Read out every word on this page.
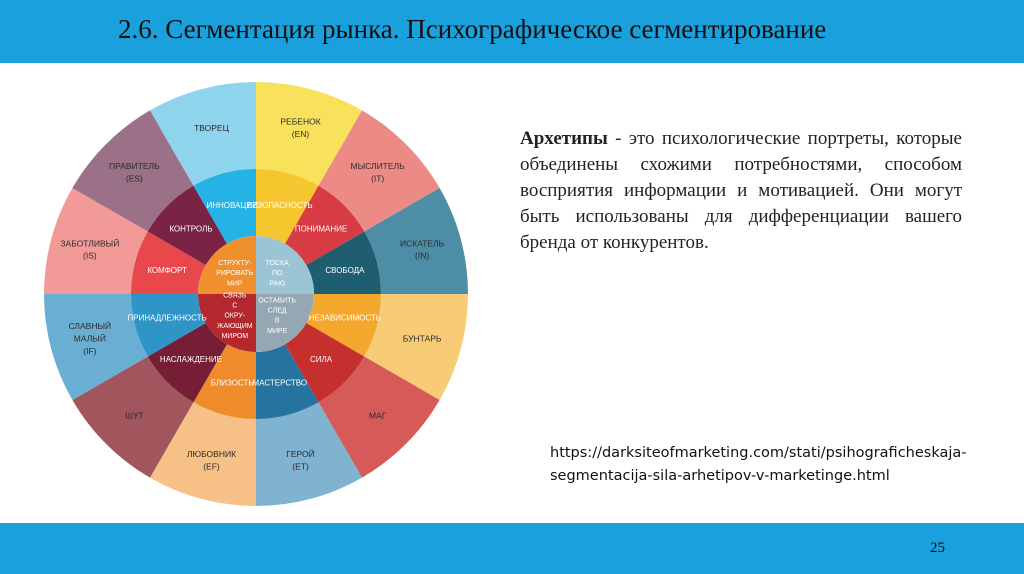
2.6. Сегментация рынка. Психографическое сегментирование
РЕБЕНОК (EN)
МЫСЛИТЕЛЬ (IT)
ИСКАТЕЛЬ (IN)
БУНТАРЬ
МАГ
ГЕРОЙ (ET)
ЛЮБОВНИК (EF)
ШУТ
СЛАВНЫЙ МАЛЫЙ (IF)
ЗАБОТЛИВЫЙ (IS)
ПРАВИТЕЛЬ (ES)
ТВОРЕЦ
БЕЗОПАСНОСТЬ
ПОНИМАНИЕ
СВОБОДА
НЕЗАВИСИМОСТЬ
СИЛА
МАСТЕРСТВО
БЛИЗОСТЬ
НАСЛАЖДЕНИЕ
ПРИНАДЛЕЖНОСТЬ
КОМФОРТ
КОНТРОЛЬ
ИННОВАЦИИ
ТОСКА ПО РАЮ
ОСТАВИТЬ СЛЕД В МИРЕ
СВЯЗЬ С ОКРУ-ЖАЮЩИМ МИРОМ
СТРУКТУ-РИРОВАТЬ МИР
Архетипы - это психологические портреты, которые объединены схожими потребностями, способом восприятия информации и мотивацией. Они могут быть использованы для дифференциации вашего бренда от конкурентов.
https://darksiteofmarketing.com/stati/psihograficheskaja-segmentacija-sila-arhetipov-v-marketinge.html
25
